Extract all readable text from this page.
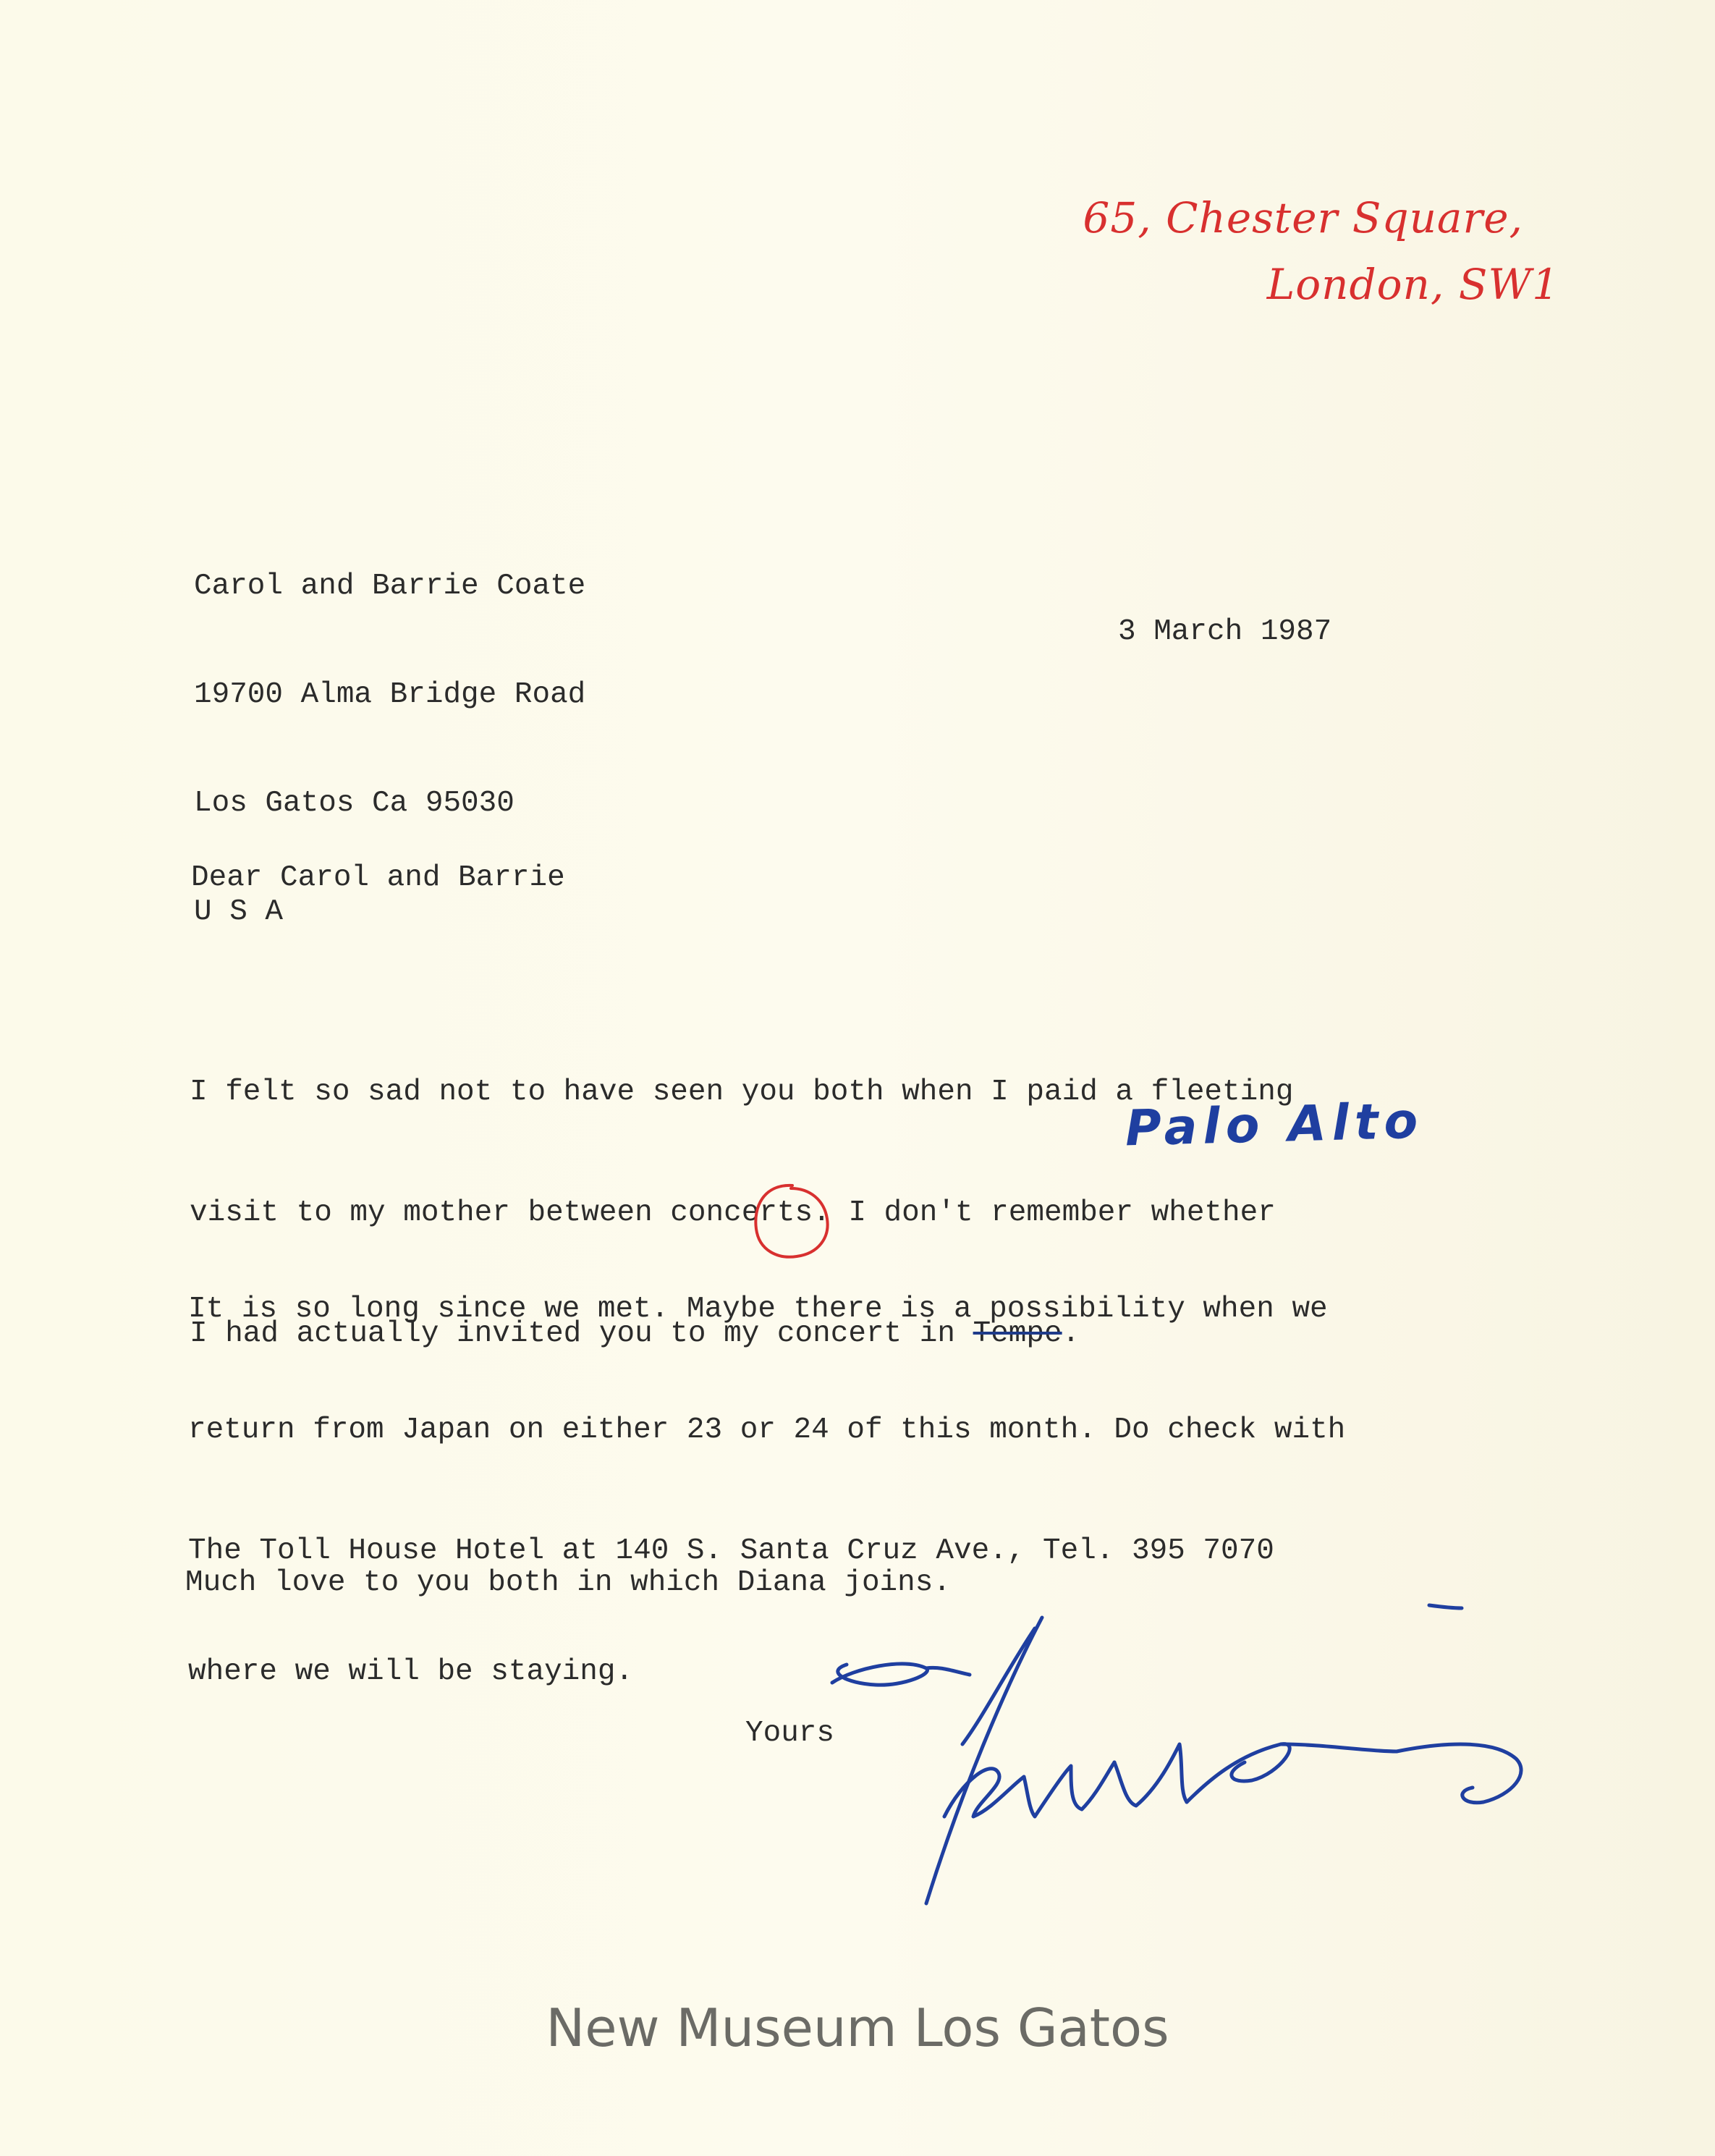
65, Chester Square,
London, SW1

Carol and Barrie Coate

19700 Alma Bridge Road

Los Gatos Ca 95030

U S A

3 March 1987
Dear Carol and Barrie

I felt so sad not to have seen you both when I paid a fleeting

visit to my mother between concerts. I don't remember whether

I had actually invited you to my concert in Tempe.

Palo Alto

It is so long since we met. Maybe there is a possibility when we

return from Japan on either 23 or 24 of this month. Do check with

The Toll House Hotel at 140 S. Santa Cruz Ave., Tel. 395 7070

where we will be staying.

Much love to you both in which Diana joins.

Yours
New Museum Los Gatos
